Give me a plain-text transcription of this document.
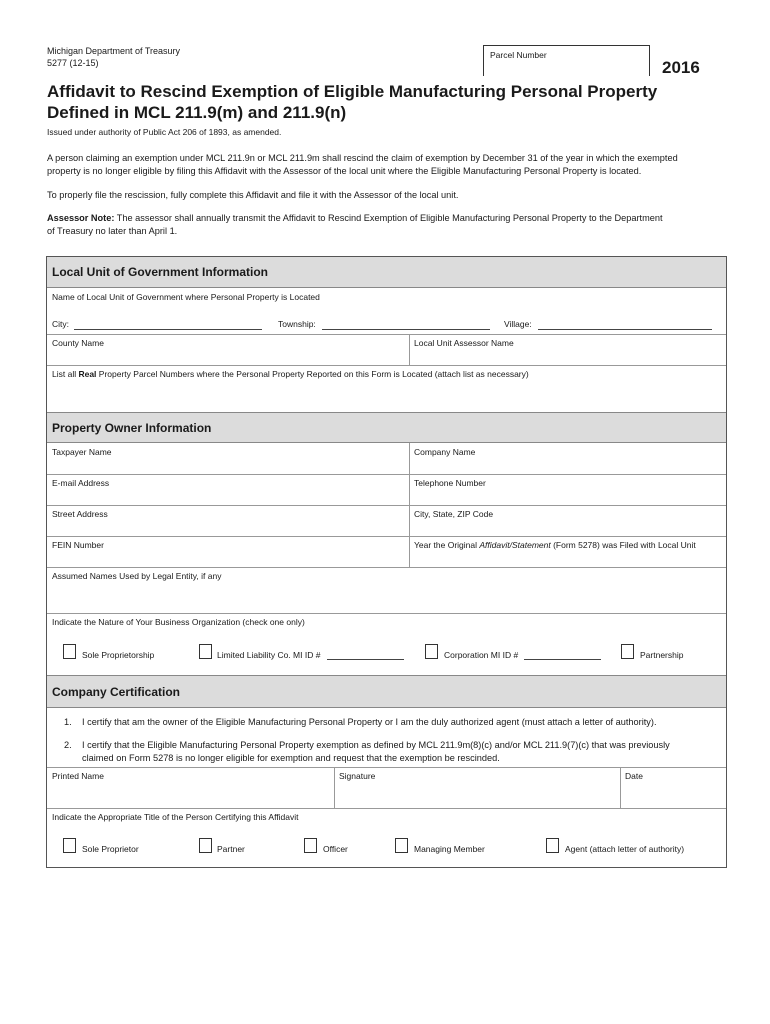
Michigan Department of Treasury
5277 (12-15)
Parcel Number
2016
Affidavit to Rescind Exemption of Eligible Manufacturing Personal Property
Defined in MCL 211.9(m) and 211.9(n)
Issued under authority of Public Act 206 of 1893, as amended.
A person claiming an exemption under MCL 211.9n or MCL 211.9m shall rescind the claim of exemption by December 31 of the year in which the exempted
property is no longer eligible by filing this Affidavit with the Assessor of the local unit where the Eligible Manufacturing Personal Property is located.
To properly file the rescission, fully complete this Affidavit and file it with the Assessor of the local unit.
Assessor Note: The assessor shall annually transmit the Affidavit to Rescind Exemption of Eligible Manufacturing Personal Property to the Department
of Treasury no later than April 1.
Local Unit of Government Information
Name of Local Unit of Government where Personal Property is Located
City:	Township:	Village:
County Name	Local Unit Assessor Name
List all Real Property Parcel Numbers where the Personal Property Reported on this Form is Located (attach list as necessary)
Property Owner Information
Taxpayer Name	Company Name
E-mail Address	Telephone Number
Street Address	City, State, ZIP Code
FEIN Number	Year the Original Affidavit/Statement (Form 5278) was Filed with Local Unit
Assumed Names Used by Legal Entity, if any
Indicate the Nature of Your Business Organization (check one only)
Sole Proprietorship	Limited Liability Co. MI ID #	Corporation MI ID #	Partnership
Company Certification
1. I certify that am the owner of the Eligible Manufacturing Personal Property or I am the duly authorized agent (must attach a letter of authority).
2. I certify that the Eligible Manufacturing Personal Property exemption as defined by MCL 211.9m(8)(c) and/or MCL 211.9(7)(c) that was previously
claimed on Form 5278 is no longer eligible for exemption and request that the exemption be rescinded.
Printed Name	Signature	Date
Indicate the Appropriate Title of the Person Certifying this Affidavit
Sole Proprietor	Partner	Officer	Managing Member	Agent (attach letter of authority)
